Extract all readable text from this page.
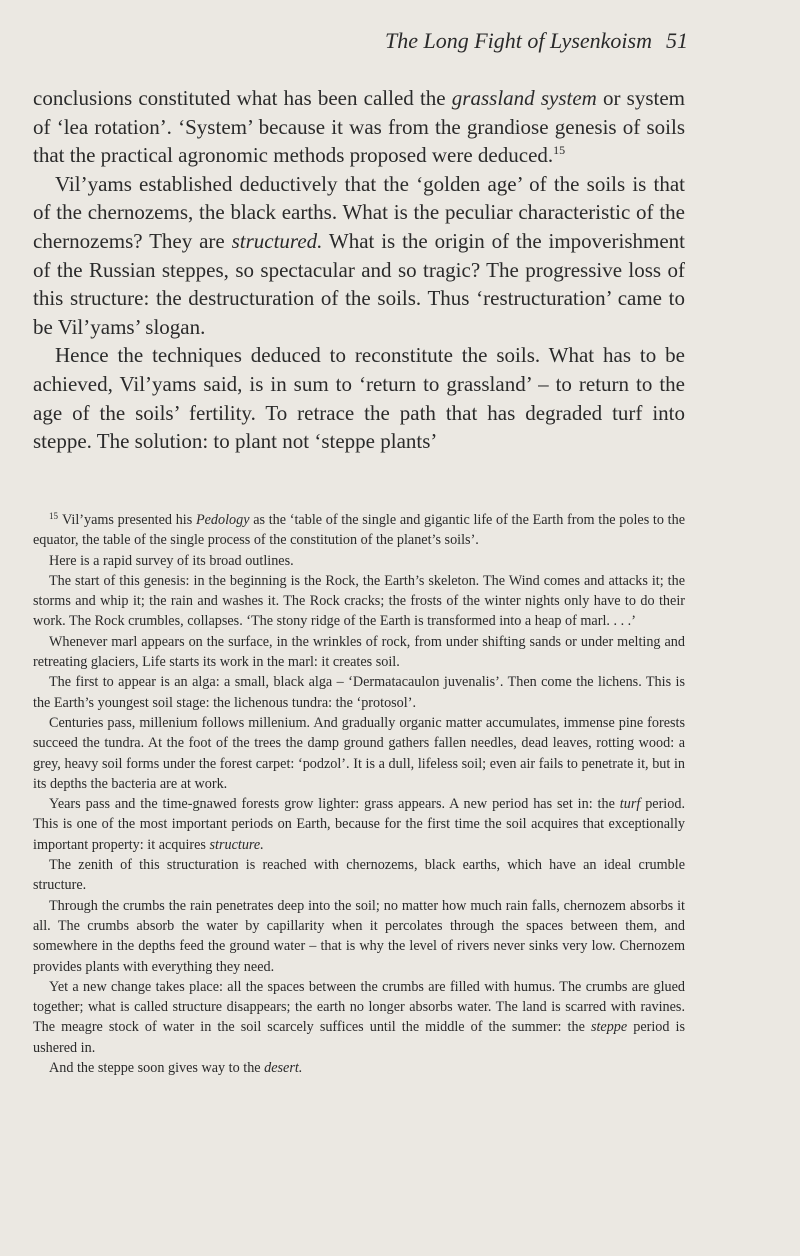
The Long Fight of Lysenkoism 51

conclusions constituted what has been called the grassland system or system of ‘lea rotation’. ‘System’ because it was from the grandiose genesis of soils that the practical agronomic methods proposed were deduced.$^{15}$

Vil’yams established deductively that the ‘golden age’ of the soils is that of the chernozems, the black earths. What is the peculiar characteristic of the chernozems? They are structured. What is the origin of the impoverishment of the Russian steppes, so spectacular and so tragic? The progressive loss of this structure: the destructuration of the soils. Thus ‘restructuration’ came to be Vil’yams’ slogan.

Hence the techniques deduced to reconstitute the soils. What has to be achieved, Vil’yams said, is in sum to ‘return to grassland’ – to return to the age of the soils’ fertility. To retrace the path that has degraded turf into steppe. The solution: to plant not ‘steppe plants’

$^{15}$ Vil’yams presented his Pedology as the ‘table of the single and gigantic life of the Earth from the poles to the equator, the table of the single process of the constitution of the planet’s soils’.

Here is a rapid survey of its broad outlines.

The start of this genesis: in the beginning is the Rock, the Earth’s skeleton. The Wind comes and attacks it; the storms and whip it; the rain and washes it. The Rock cracks; the frosts of the winter nights only have to do their work. The Rock crumbles, collapses. ‘The stony ridge of the Earth is transformed into a heap of marl. . . .’

Whenever marl appears on the surface, in the wrinkles of rock, from under shifting sands or under melting and retreating glaciers, Life starts its work in the marl: it creates soil.

The first to appear is an alga: a small, black alga – ‘Dermatacaulon juvenalis’. Then come the lichens. This is the Earth’s youngest soil stage: the lichenous tundra: the ‘protosol’.

Centuries pass, millenium follows millenium. And gradually organic matter accumulates, immense pine forests succeed the tundra. At the foot of the trees the damp ground gathers fallen needles, dead leaves, rotting wood: a grey, heavy soil forms under the forest carpet: ‘podzol’. It is a dull, lifeless soil; even air fails to penetrate it, but in its depths the bacteria are at work.

Years pass and the time-gnawed forests grow lighter: grass appears. A new period has set in: the turf period. This is one of the most important periods on Earth, because for the first time the soil acquires that exceptionally important property: it acquires structure.

The zenith of this structuration is reached with chernozems, black earths, which have an ideal crumble structure.

Through the crumbs the rain penetrates deep into the soil; no matter how much rain falls, chernozem absorbs it all. The crumbs absorb the water by capillarity when it percolates through the spaces between them, and somewhere in the depths feed the ground water – that is why the level of rivers never sinks very low. Chernozem provides plants with everything they need.

Yet a new change takes place: all the spaces between the crumbs are filled with humus. The crumbs are glued together; what is called structure disappears; the earth no longer absorbs water. The land is scarred with ravines. The meagre stock of water in the soil scarcely suffices until the middle of the summer: the steppe period is ushered in.

And the steppe soon gives way to the desert.
